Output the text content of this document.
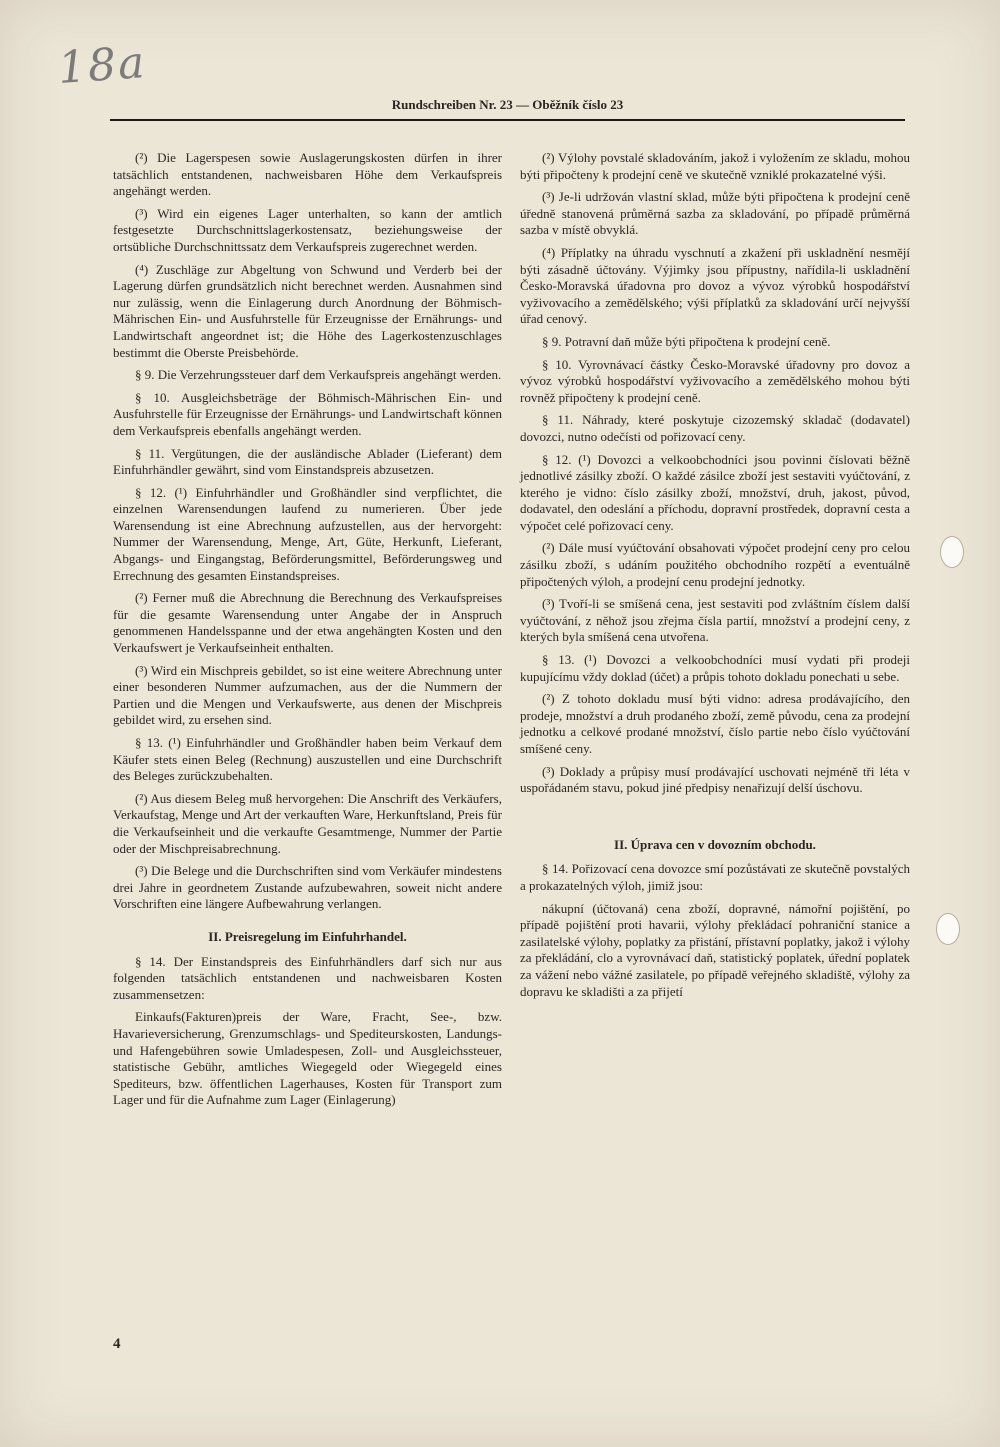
18a
Rundschreiben Nr. 23 — Oběžník číslo 23

(²) Die Lagerspesen sowie Auslagerungskosten dürfen in ihrer tatsächlich entstandenen, nachweisbaren Höhe dem Verkaufspreis angehängt werden.

(³) Wird ein eigenes Lager unterhalten, so kann der amtlich festgesetzte Durchschnittslagerkostensatz, beziehungsweise der ortsübliche Durchschnittssatz dem Verkaufspreis zugerechnet werden.

(⁴) Zuschläge zur Abgeltung von Schwund und Verderb bei der Lagerung dürfen grundsätzlich nicht berechnet werden. Ausnahmen sind nur zulässig, wenn die Einlagerung durch Anordnung der Böhmisch-Mährischen Ein- und Ausfuhrstelle für Erzeugnisse der Ernährungs- und Landwirtschaft angeordnet ist; die Höhe des Lagerkostenzuschlages bestimmt die Oberste Preisbehörde.

§ 9. Die Verzehrungssteuer darf dem Verkaufspreis angehängt werden.

§ 10. Ausgleichsbeträge der Böhmisch-Mährischen Ein- und Ausfuhrstelle für Erzeugnisse der Ernährungs- und Landwirtschaft können dem Verkaufspreis ebenfalls angehängt werden.

§ 11. Vergütungen, die der ausländische Ablader (Lieferant) dem Einfuhrhändler gewährt, sind vom Einstandspreis abzusetzen.

§ 12. (¹) Einfuhrhändler und Großhändler sind verpflichtet, die einzelnen Warensendungen laufend zu numerieren. Über jede Warensendung ist eine Abrechnung aufzustellen, aus der hervorgeht: Nummer der Warensendung, Menge, Art, Güte, Herkunft, Lieferant, Abgangs- und Eingangstag, Beförderungsmittel, Beförderungsweg und Errechnung des gesamten Einstandspreises.

(²) Ferner muß die Abrechnung die Berechnung des Verkaufspreises für die gesamte Warensendung unter Angabe der in Anspruch genommenen Handelsspanne und der etwa angehängten Kosten und den Verkaufswert je Verkaufseinheit enthalten.

(³) Wird ein Mischpreis gebildet, so ist eine weitere Abrechnung unter einer besonderen Nummer aufzumachen, aus der die Nummern der Partien und die Mengen und Verkaufswerte, aus denen der Mischpreis gebildet wird, zu ersehen sind.

§ 13. (¹) Einfuhrhändler und Großhändler haben beim Verkauf dem Käufer stets einen Beleg (Rechnung) auszustellen und eine Durchschrift des Beleges zurückzubehalten.

(²) Aus diesem Beleg muß hervorgehen: Die Anschrift des Verkäufers, Verkaufstag, Menge und Art der verkauften Ware, Herkunftsland, Preis für die Verkaufseinheit und die verkaufte Gesamtmenge, Nummer der Partie oder der Mischpreisabrechnung.

(³) Die Belege und die Durchschriften sind vom Verkäufer mindestens drei Jahre in geordnetem Zustande aufzubewahren, soweit nicht andere Vorschriften eine längere Aufbewahrung verlangen.

II. Preisregelung im Einfuhrhandel.

§ 14. Der Einstandspreis des Einfuhrhändlers darf sich nur aus folgenden tatsächlich entstandenen und nachweisbaren Kosten zusammensetzen:

Einkaufs(Fakturen)preis der Ware, Fracht, See-, bzw. Havarieversicherung, Grenzumschlags- und Spediteurskosten, Landungs- und Hafengebühren sowie Umladespesen, Zoll- und Ausgleichssteuer, statistische Gebühr, amtliches Wiegegeld oder Wiegegeld eines Spediteurs, bzw. öffentlichen Lagerhauses, Kosten für Transport zum Lager und für die Aufnahme zum Lager (Einlagerung)

(²) Výlohy povstalé skladováním, jakož i vyložením ze skladu, mohou býti připočteny k prodejní ceně ve skutečně vzniklé prokazatelné výši.

(³) Je-li udržován vlastní sklad, může býti připočtena k prodejní ceně úředně stanovená průměrná sazba za skladování, po případě průměrná sazba v místě obvyklá.

(⁴) Příplatky na úhradu vyschnutí a zkažení při uskladnění nesmějí býti zásadně účtovány. Výjimky jsou přípustny, nařídila-li uskladnění Česko-Moravská úřadovna pro dovoz a vývoz výrobků hospodářství vyživovacího a zemědělského; výši příplatků za skladování určí nejvyšší úřad cenový.

§ 9. Potravní daň může býti připočtena k prodejní ceně.

§ 10. Vyrovnávací částky Česko-Moravské úřadovny pro dovoz a vývoz výrobků hospodářství vyživovacího a zemědělského mohou býti rovněž připočteny k prodejní ceně.

§ 11. Náhrady, které poskytuje cizozemský skladač (dodavatel) dovozci, nutno odečísti od pořizovací ceny.

§ 12. (¹) Dovozci a velkoobchodníci jsou povinni číslovati běžně jednotlivé zásilky zboží. O každé zásilce zboží jest sestaviti vyúčtování, z kterého je vidno: číslo zásilky zboží, množství, druh, jakost, původ, dodavatel, den odeslání a příchodu, dopravní prostředek, dopravní cesta a výpočet celé pořizovací ceny.

(²) Dále musí vyúčtování obsahovati výpočet prodejní ceny pro celou zásilku zboží, s udáním použitého obchodního rozpětí a eventuálně připočtených výloh, a prodejní cenu prodejní jednotky.

(³) Tvoří-li se smíšená cena, jest sestaviti pod zvláštním číslem další vyúčtování, z něhož jsou zřejma čísla partií, množství a prodejní ceny, z kterých byla smíšená cena utvořena.

§ 13. (¹) Dovozci a velkoobchodníci musí vydati při prodeji kupujícímu vždy doklad (účet) a průpis tohoto dokladu ponechati u sebe.

(²) Z tohoto dokladu musí býti vidno: adresa prodávajícího, den prodeje, množství a druh prodaného zboží, země původu, cena za prodejní jednotku a celkové prodané množství, číslo partie nebo číslo vyúčtování smíšené ceny.

(³) Doklady a průpisy musí prodávající uschovati nejméně tři léta v uspořádaném stavu, pokud jiné předpisy nenařizují delší úschovu.

II. Úprava cen v dovozním obchodu.

§ 14. Pořizovací cena dovozce smí pozůstávati ze skutečně povstalých a prokazatelných výloh, jimiž jsou:

nákupní (účtovaná) cena zboží, dopravné, námořní pojištění, po případě pojištění proti havarii, výlohy překládací pohraniční stanice a zasilatelské výlohy, poplatky za přistání, přístavní poplatky, jakož i výlohy za překládání, clo a vyrovnávací daň, statistický poplatek, úřední poplatek za vážení nebo vážné zasilatele, po případě veřejného skladiště, výlohy za dopravu ke skladišti a za přijetí

4
